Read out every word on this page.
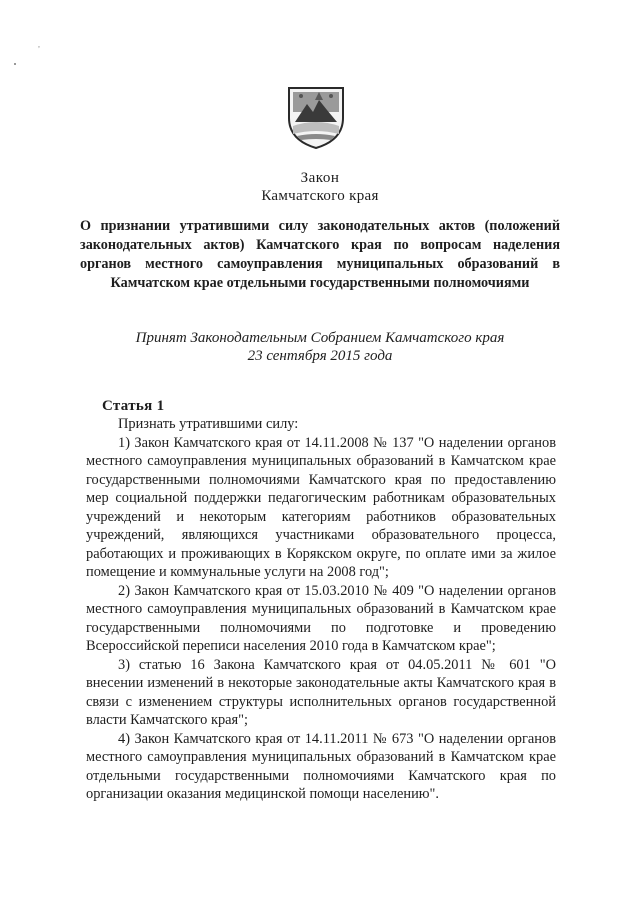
,
Закон
Камчатского края
О признании утратившими силу законодательных актов (положений законодательных актов) Камчатского края по вопросам наделения органов местного самоуправления муниципальных образований в Камчатском крае отдельными государственными полномочиями
Принят Законодательным Собранием Камчатского края
23 сентября 2015 года
Статья 1

Признать утратившими силу:

1) Закон Камчатского края от 14.11.2008 № 137 "О наделении органов местного самоуправления муниципальных образований в Камчатском крае государственными полномочиями Камчатского края по предоставлению мер социальной поддержки педагогическим работникам образовательных учреждений и некоторым категориям работников образовательных учреждений, являющихся участниками образовательного процесса, работающих и проживающих в Корякском округе, по оплате ими за жилое помещение и коммунальные услуги на 2008 год";

2) Закон Камчатского края от 15.03.2010 № 409 "О наделении органов местного самоуправления муниципальных образований в Камчатском крае государственными полномочиями по подготовке и проведению Всероссийской переписи населения 2010 года в Камчатском крае";

3) статью 16 Закона Камчатского края от 04.05.2011 № 601 "О внесении изменений в некоторые законодательные акты Камчатского края в связи с изменением структуры исполнительных органов государственной власти Камчатского края";

4) Закон Камчатского края от 14.11.2011 № 673 "О наделении органов местного самоуправления муниципальных образований в Камчатском крае отдельными государственными полномочиями Камчатского края по организации оказания медицинской помощи населению".
